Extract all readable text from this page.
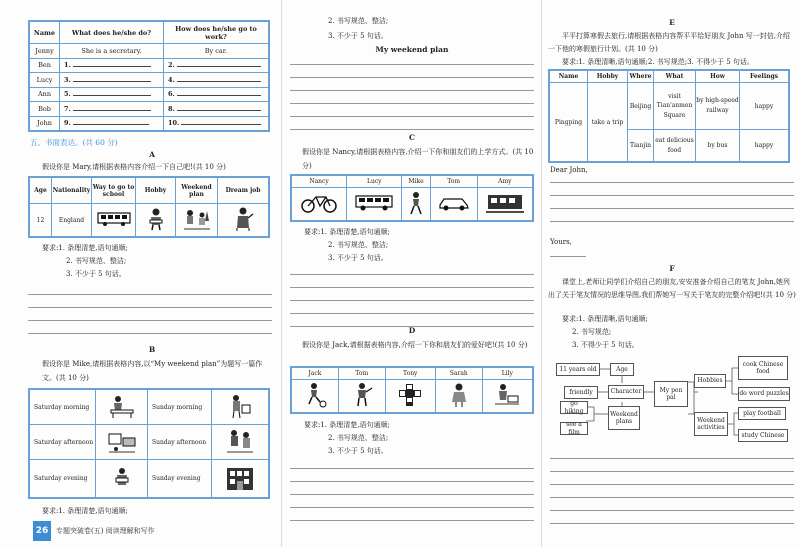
Name	What does he/she do?	How does he/she go to work?
Jenny	She is a secretary.	By car.
Ben	1.	2.
Lucy	3.	4.
Ann	5.	6.
Bob	7.	8.
John	9.	10.
五、书面表达。(共 60 分)
A
假设你是 Mary,请根据表格内容介绍一下自己吧!(共 10 分)
Age	Nationality	Way to go to school	Hobby	Weekend plan	Dream job
12	England				
要求:1. 条理清楚,语句通顺;
2. 书写规范、整洁;
3. 不少于 5 句话。
B
假设你是 Mike,请根据表格内容,以“My weekend plan”为题写一篇作文。(共 10 分)
Saturday morning		Sunday morning	
Saturday afternoon		Sunday afternoon	
Saturday evening		Sunday evening	
要求:1. 条理清楚,语句通顺;
26	专题突破卷(五) 阅读理解和写作
2. 书写规范、整洁;
3. 不少于 5 句话。
My weekend plan
C
假设你是 Nancy,请根据表格内容,介绍一下你和朋友们的上学方式。(共 10 分)
Nancy	Lucy	Mike	Tom	Amy

要求:1. 条理清楚,语句通顺;
2. 书写规范、整洁;
3. 不少于 5 句话。
D
假设你是 Jack,请根据表格内容,介绍一下你和朋友们的爱好吧!(共 10 分)
Jack	Tom	Tony	Sarah	Lily

要求:1. 条理清楚,语句通顺;
2. 书写规范、整洁;
3. 不少于 5 句话。
E
平平打算寒假去旅行,请根据表格内容帮平平给好朋友 John 写一封信,介绍一下他的寒假旅行计划。(共 10 分)
要求:1. 条理清晰,语句通顺;2. 书写规范;3. 不得少于 5 句话。
Name	Hobby	Where	What	How	Feelings
Pingping	take a trip	Beijing	visit Tian'anmen Square	by high-speed railway	happy
		Tianjin	eat delicious food	by bus	happy
Dear John,
Yours,
F
课堂上,老师让同学们介绍自己的朋友,安安准备介绍自己的笔友 John,她列出了关于笔友情况的思维导图,我们帮她写一写关于笔友的完整介绍吧!(共 10 分)
要求:1. 条理清晰,语句通顺;
2. 书写规范;
3. 不得少于 5 句话。
11 years old	Age
friendly	Character
go hiking
see a film
Weekend plans
My pen pal
Hobbies
cook Chinese food
do word puzzles
Weekend activities
play football
study Chinese
